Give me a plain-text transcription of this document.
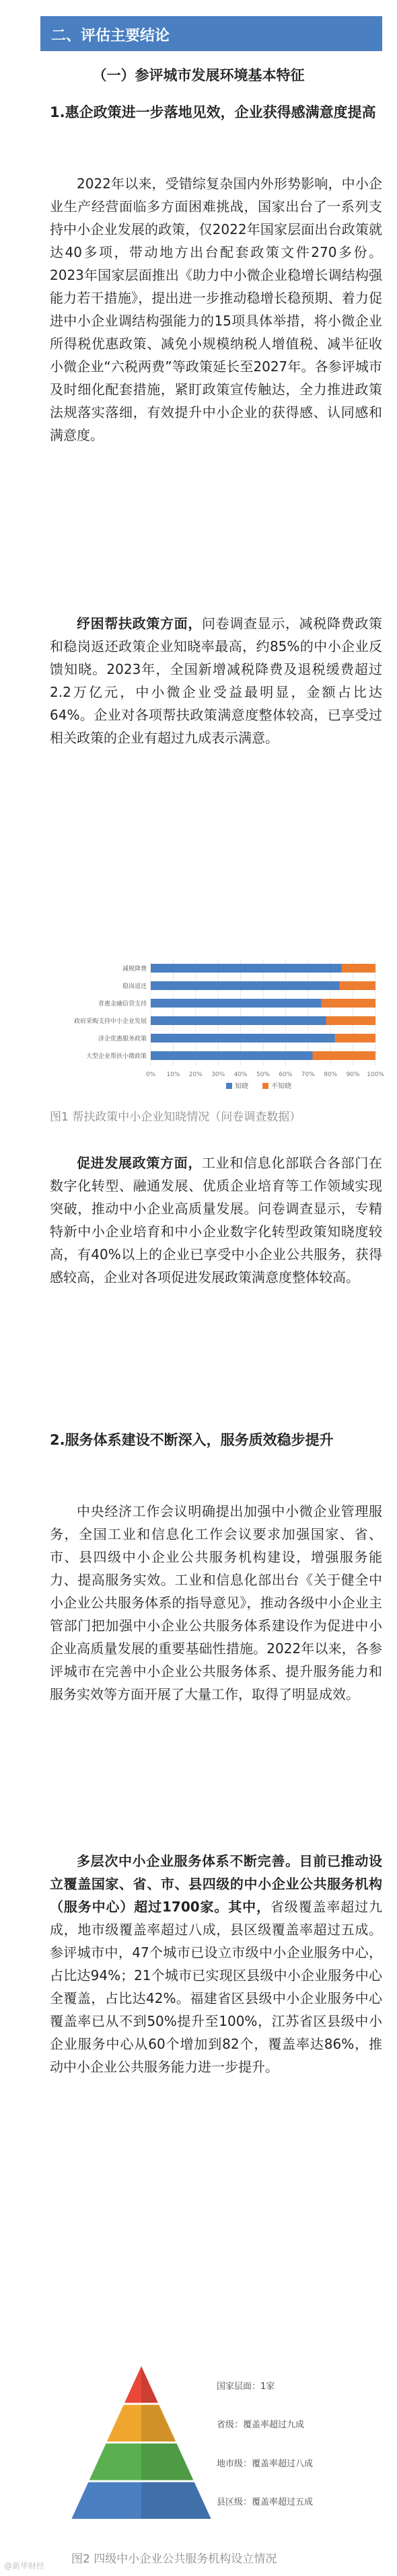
二、评估主要结论
（一）参评城市发展环境基本特征

1.惠企政策进一步落地见效，企业获得感满意度提高

2022年以来，受错综复杂国内外形势影响，中小企业生产经营面临多方面困难挑战，国家出台了一系列支持中小企业发展的政策，仅2022年国家层面出台政策就达40多项，带动地方出台配套政策文件270多份。2023年国家层面推出《助力中小微企业稳增长调结构强能力若干措施》，提出进一步推动稳增长稳预期、着力促进中小企业调结构强能力的15项具体举措，将小微企业所得税优惠政策、减免小规模纳税人增值税、减半征收小微企业“六税两费”等政策延长至2027年。各参评城市及时细化配套措施，紧盯政策宣传触达，全力推进政策法规落实落细，有效提升中小企业的获得感、认同感和满意度。

纾困帮扶政策方面，问卷调查显示，减税降费政策和稳岗返还政策企业知晓率最高，约85%的中小企业反馈知晓。2023年，全国新增减税降费及退税缓费超过2.2万亿元，中小微企业受益最明显，金额占比达64%。企业对各项帮扶政策满意度整体较高，已享受过相关政策的企业有超过九成表示满意。

0% 10% 20% 30% 40% 50% 60% 70% 80% 90% 100%
减税降费
稳岗返还
普惠金融信贷支持
政府采购支持中小企业发展
济企优惠服务政策
大型企业帮扶小微政策
知晓	不知晓
图1 帮扶政策中小企业知晓情况（问卷调查数据）

促进发展政策方面，工业和信息化部联合各部门在数字化转型、融通发展、优质企业培育等工作领域实现突破，推动中小企业高质量发展。问卷调查显示，专精特新中小企业培育和中小企业数字化转型政策知晓度较高，有40%以上的企业已享受中小企业公共服务，获得感较高，企业对各项促进发展政策满意度整体较高。

2.服务体系建设不断深入，服务质效稳步提升

中央经济工作会议明确提出加强中小微企业管理服务，全国工业和信息化工作会议要求加强国家、省、市、县四级中小企业公共服务机构建设，增强服务能力、提高服务实效。工业和信息化部出台《关于健全中小企业公共服务体系的指导意见》，推动各级中小企业主管部门把加强中小企业公共服务体系建设作为促进中小企业高质量发展的重要基础性措施。2022年以来，各参评城市在完善中小企业公共服务体系、提升服务能力和服务实效等方面开展了大量工作，取得了明显成效。

多层次中小企业服务体系不断完善。目前已推动设立覆盖国家、省、市、县四级的中小企业公共服务机构（服务中心）超过1700家。其中，省级覆盖率超过九成，地市级覆盖率超过八成，县区级覆盖率超过五成。参评城市中，47个城市已设立市级中小企业服务中心，占比达94%；21个城市已实现区县级中小企业服务中心全覆盖，占比达42%。福建省区县级中小企业服务中心覆盖率已从不到50%提升至100%，江苏省区县级中小企业服务中心从60个增加到82个，覆盖率达86%，推动中小企业公共服务能力进一步提升。

国家层面：1家
省级：覆盖率超过九成
地市级：覆盖率超过八成
县区级：覆盖率超过五成
@新华财经 图2 四级中小企业公共服务机构设立情况
